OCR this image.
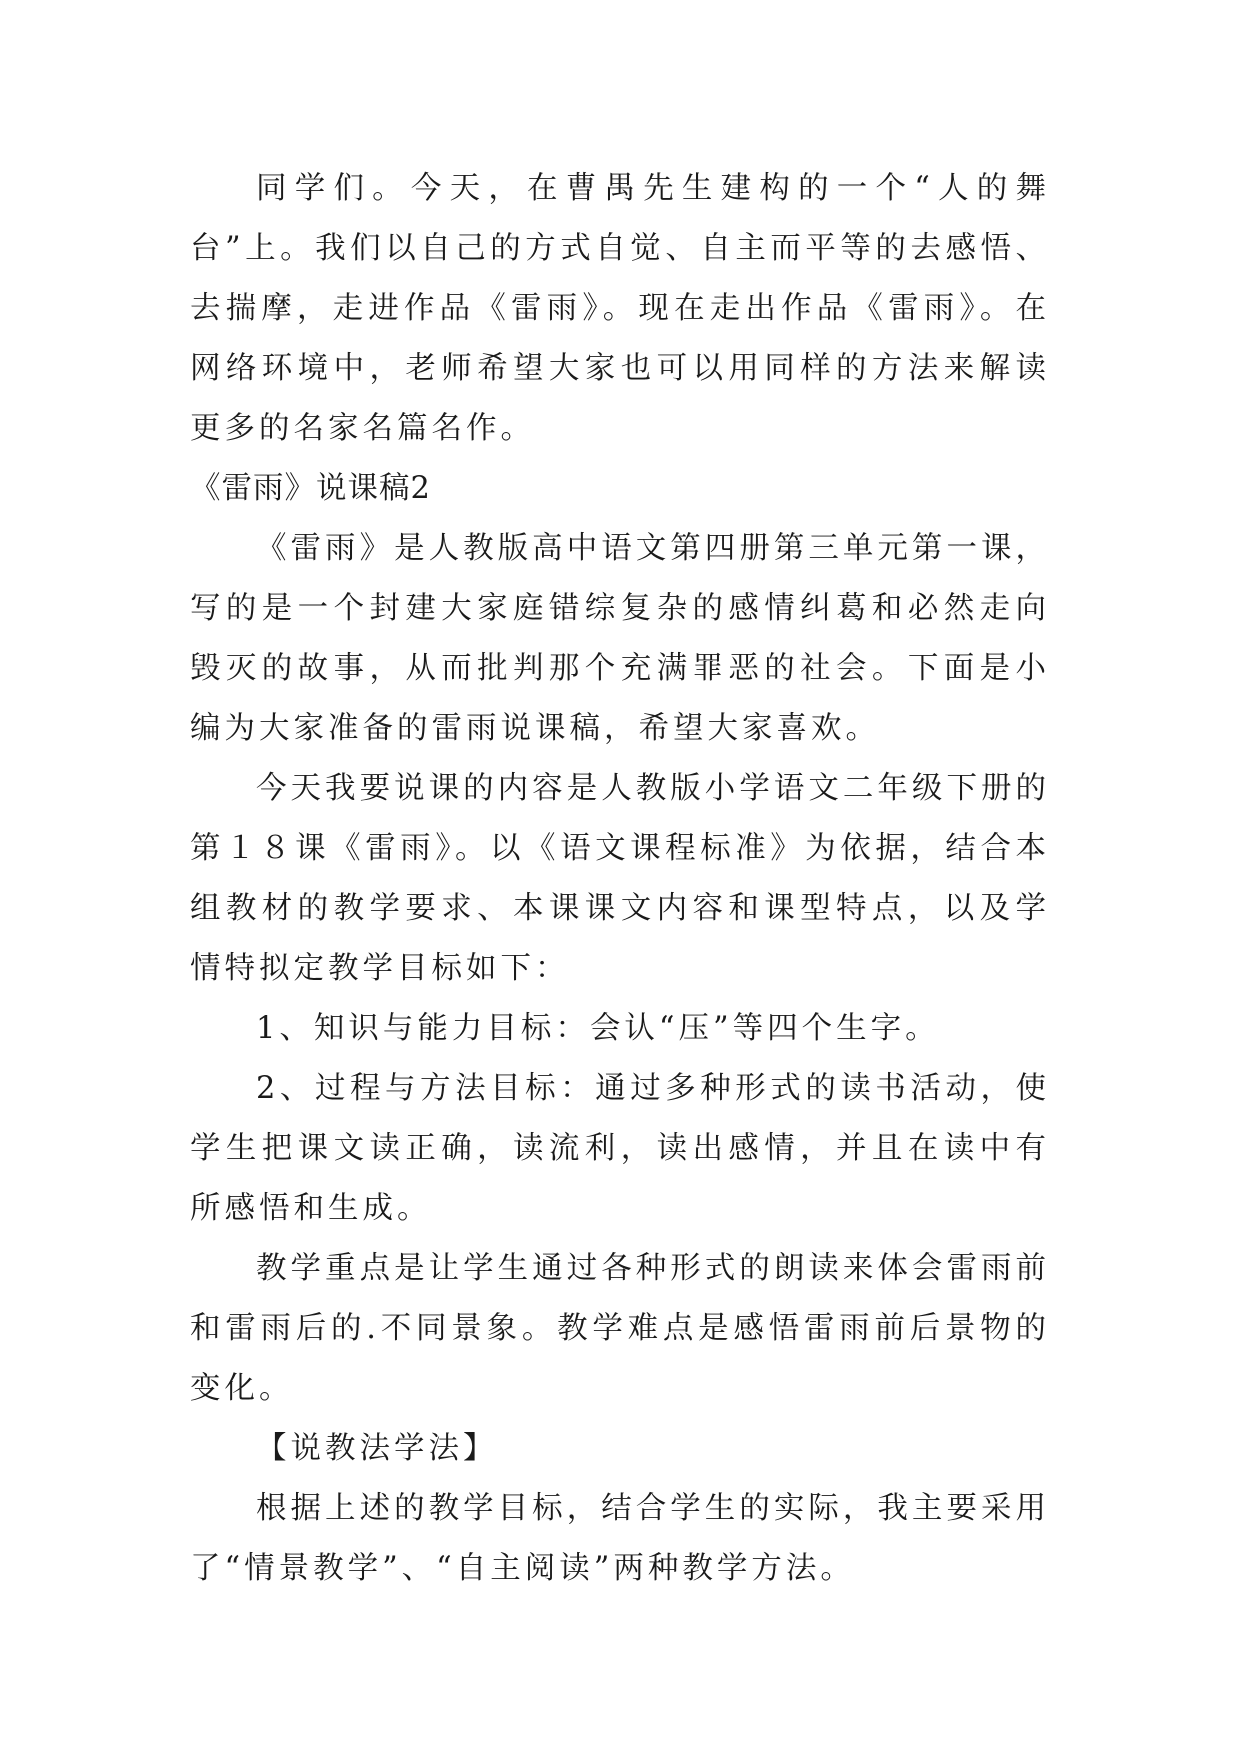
同学们。今天，在曹禺先生建构的一个“人的舞台”上。我们以自己的方式自觉、自主而平等的去感悟、去揣摩，走进作品《雷雨》。现在走出作品《雷雨》。在网络环境中，老师希望大家也可以用同样的方法来解读更多的名家名篇名作。

《雷雨》说课稿2

《雷雨》是人教版高中语文第四册第三单元第一课，写的是一个封建大家庭错综复杂的感情纠葛和必然走向毁灭的故事，从而批判那个充满罪恶的社会。下面是小编为大家准备的雷雨说课稿，希望大家喜欢。

今天我要说课的内容是人教版小学语文二年级下册的第１８课《雷雨》。以《语文课程标准》为依据，结合本组教材的教学要求、本课课文内容和课型特点，以及学情特拟定教学目标如下：

1、知识与能力目标：会认“压”等四个生字。

2、过程与方法目标：通过多种形式的读书活动，使学生把课文读正确，读流利，读出感情，并且在读中有所感悟和生成。

教学重点是让学生通过各种形式的朗读来体会雷雨前和雷雨后的.不同景象。教学难点是感悟雷雨前后景物的变化。

【说教法学法】

根据上述的教学目标，结合学生的实际，我主要采用了“情景教学”、“自主阅读”两种教学方法。
